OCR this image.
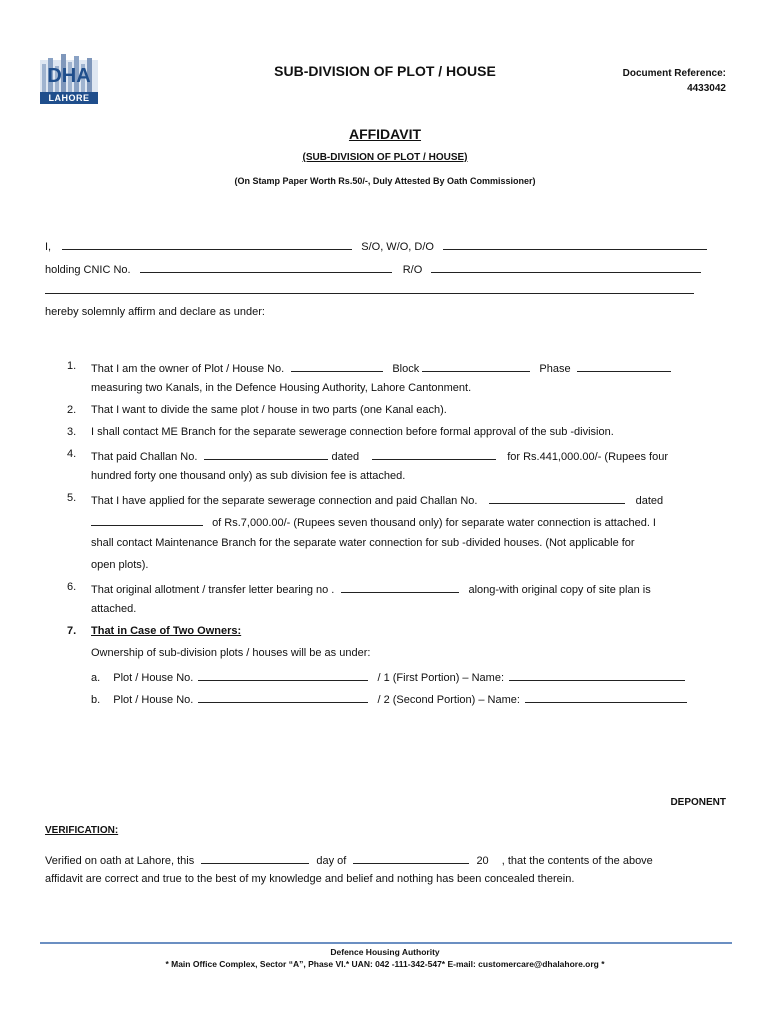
DHA
LAHORE
SUB-DIVISION OF PLOT / HOUSE	Document Reference:
4433042
AFFIDAVIT
(SUB-DIVISION OF PLOT / HOUSE)
(On Stamp Paper Worth Rs.50/-, Duly Attested By Oath Commissioner)
I,	S/O, W/O, D/O
holding CNIC No.	R/O
hereby solemnly affirm and declare as under:
1. That I am the owner of Plot / House No.	Block	Phase
measuring two Kanals, in the Defence Housing Authority, Lahore Cantonment.
2. That I want to divide the same plot / house in two parts (one Kanal each).
3. I shall contact ME Branch for the separate sewerage connection before formal approval of the sub -division.
4. That paid Challan No.	dated	for Rs.441,000.00/- (Rupees four
hundred forty one thousand only) as sub division fee is attached.
5. That I have applied for the separate sewerage connection and paid Challan No.	dated
of Rs.7,000.00/- (Rupees seven thousand only) for separate water connection is attached. I
shall contact Maintenance Branch for the separate water connection for sub -divided houses. (Not applicable for
open plots).
6. That original allotment / transfer letter bearing no .	along-with original copy of site plan is
attached.
7. That in Case of Two Owners:
Ownership of sub-division plots / houses will be as under:
a. Plot / House No.	/ 1 (First Portion) – Name:
b. Plot / House No.	/ 2 (Second Portion) – Name:
DEPONENT
VERIFICATION:
Verified on oath at Lahore, this	day of	20 , that the contents of the above
affidavit are correct and true to the best of my knowledge and belief and nothing has been concealed therein.
Defence Housing Authority
* Main Office Complex, Sector “A”, Phase VI.* UAN: 042 -111-342-547* E-mail: customercare@dhalahore.org *
